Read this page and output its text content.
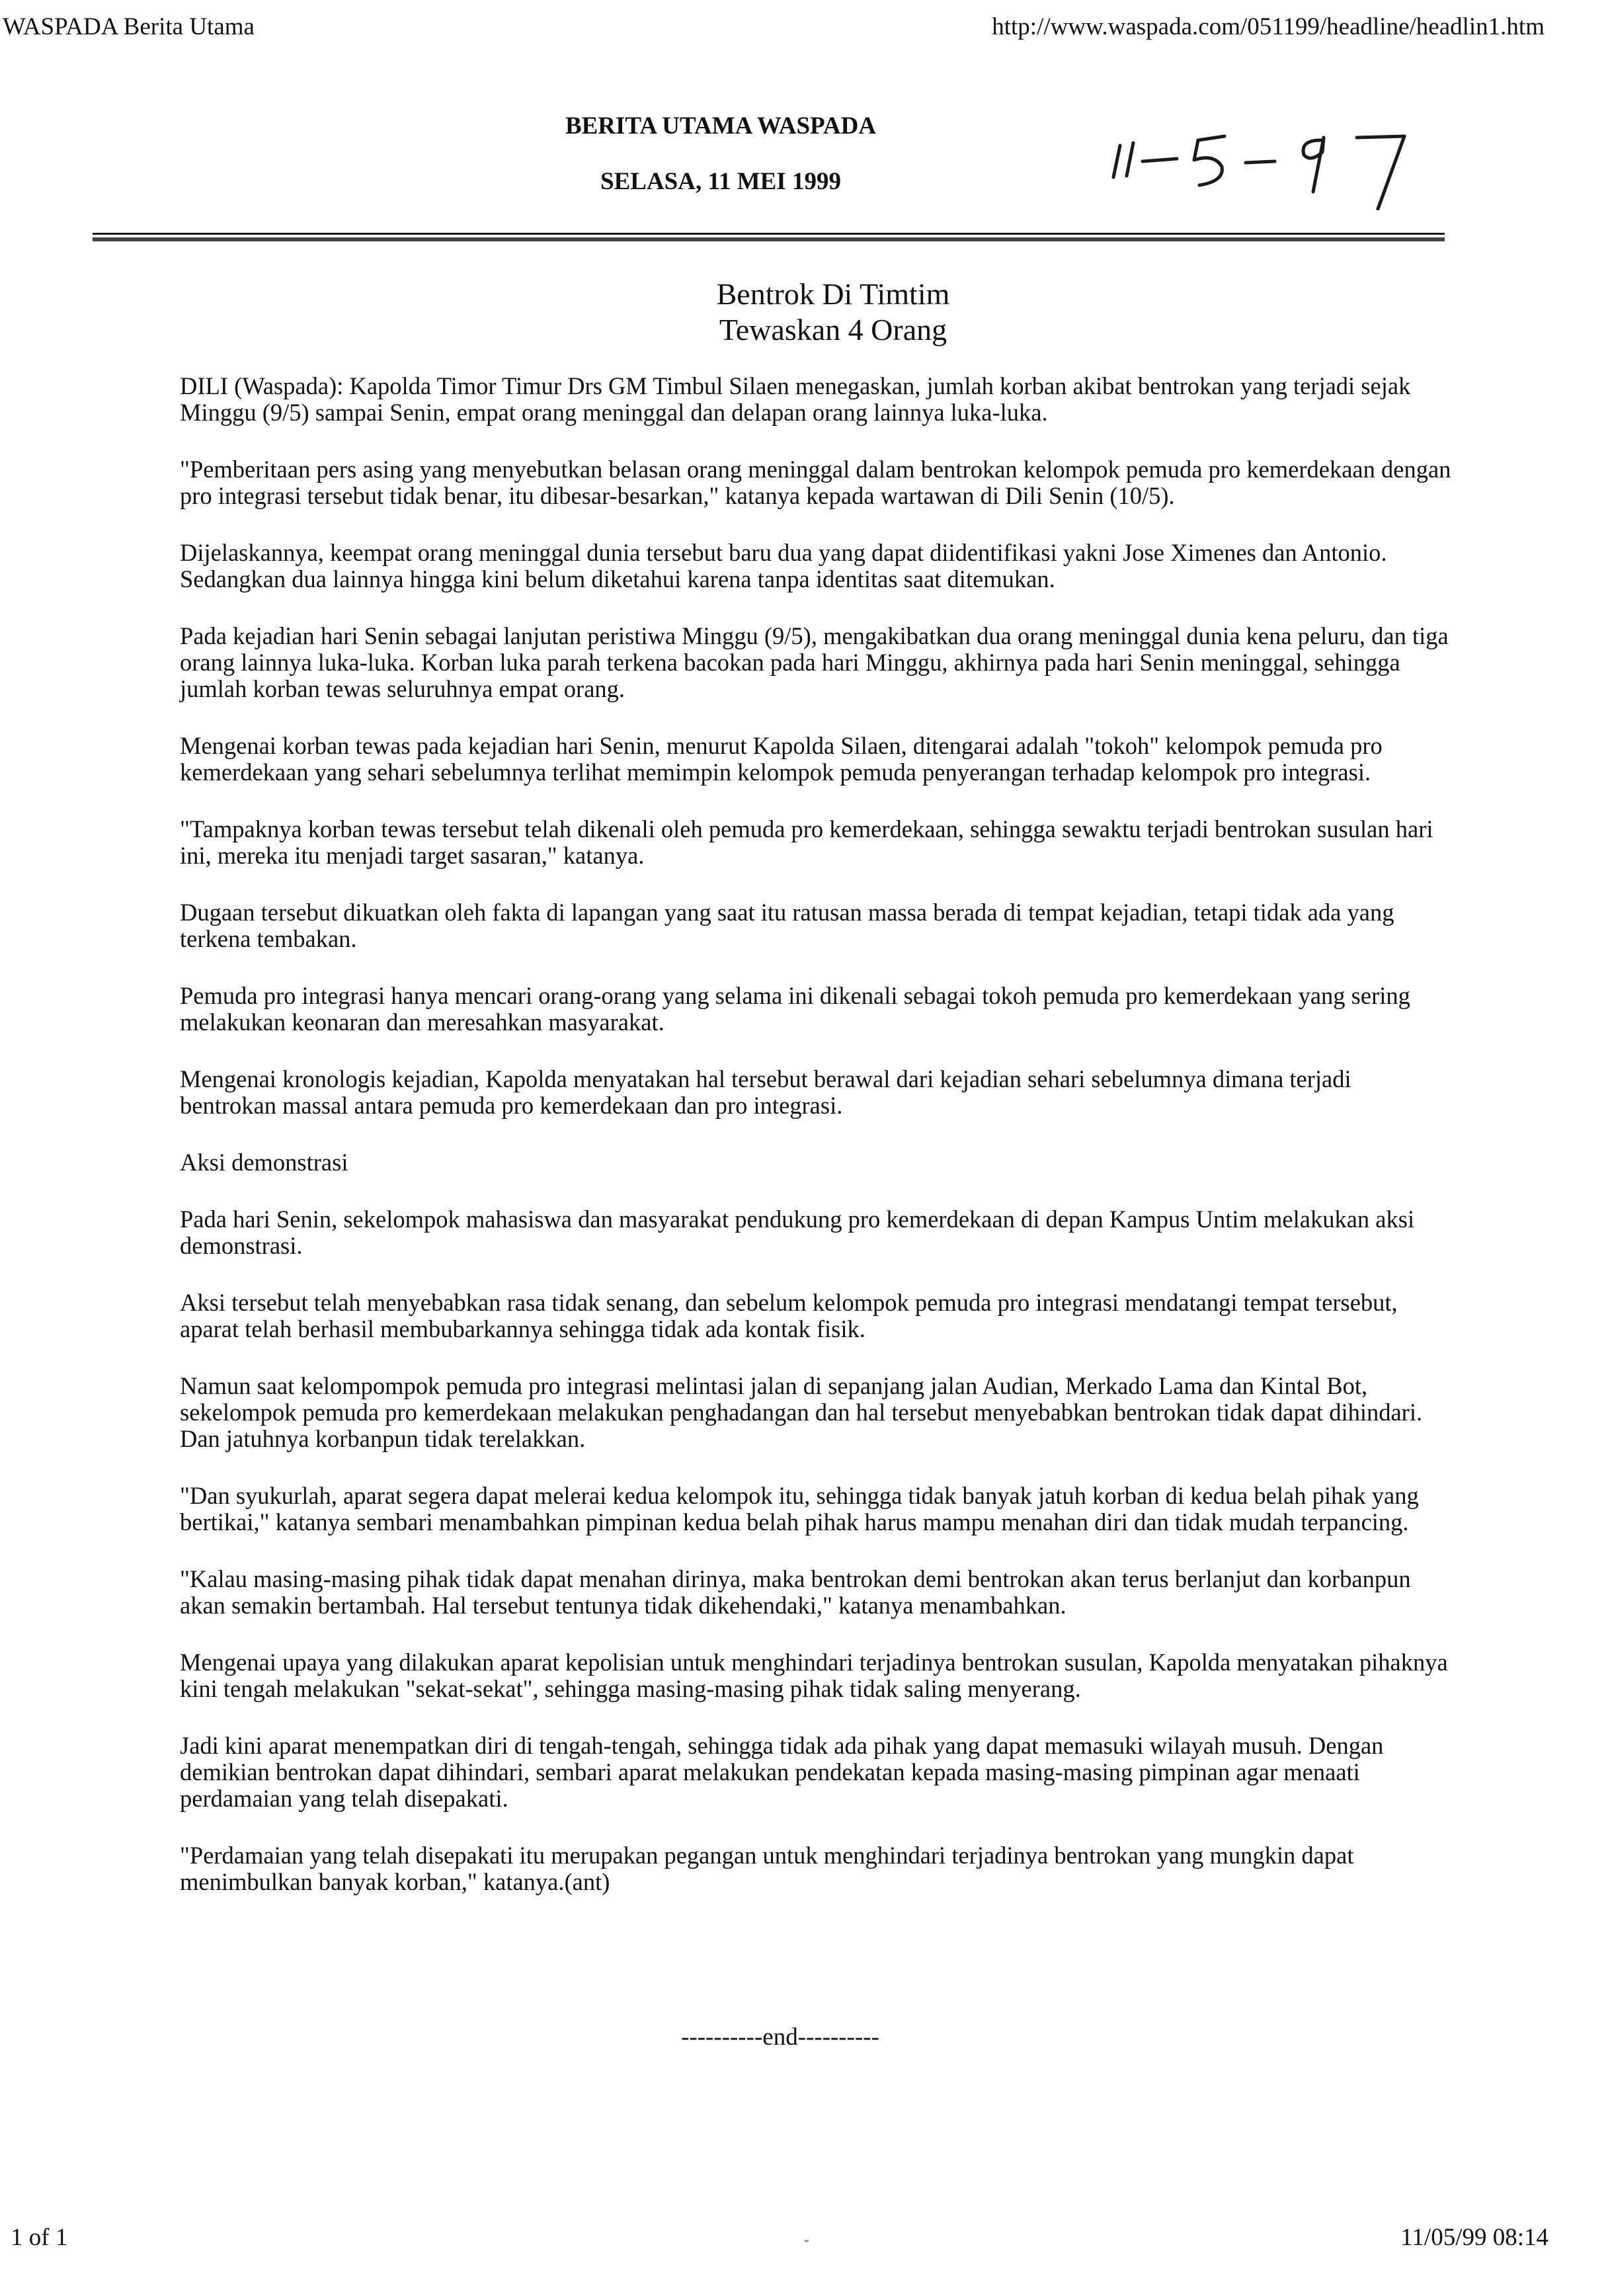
WASPADA Berita Utama	http://www.waspada.com/051199/headline/headlin1.htm
BERITA UTAMA WASPADA
SELASA, 11 MEI 1999
Bentrok Di Timtim
Tewaskan 4 Orang

DILI (Waspada): Kapolda Timor Timur Drs GM Timbul Silaen menegaskan, jumlah korban akibat bentrokan yang terjadi sejak Minggu (9/5) sampai Senin, empat orang meninggal dan delapan orang lainnya luka-luka.

"Pemberitaan pers asing yang menyebutkan belasan orang meninggal dalam bentrokan kelompok pemuda pro kemerdekaan dengan pro integrasi tersebut tidak benar, itu dibesar-besarkan," katanya kepada wartawan di Dili Senin (10/5).

Dijelaskannya, keempat orang meninggal dunia tersebut baru dua yang dapat diidentifikasi yakni Jose Ximenes dan Antonio. Sedangkan dua lainnya hingga kini belum diketahui karena tanpa identitas saat ditemukan.

Pada kejadian hari Senin sebagai lanjutan peristiwa Minggu (9/5), mengakibatkan dua orang meninggal dunia kena peluru, dan tiga orang lainnya luka-luka. Korban luka parah terkena bacokan pada hari Minggu, akhirnya pada hari Senin meninggal, sehingga jumlah korban tewas seluruhnya empat orang.

Mengenai korban tewas pada kejadian hari Senin, menurut Kapolda Silaen, ditengarai adalah "tokoh" kelompok pemuda pro kemerdekaan yang sehari sebelumnya terlihat memimpin kelompok pemuda penyerangan terhadap kelompok pro integrasi.

"Tampaknya korban tewas tersebut telah dikenali oleh pemuda pro kemerdekaan, sehingga sewaktu terjadi bentrokan susulan hari ini, mereka itu menjadi target sasaran," katanya.

Dugaan tersebut dikuatkan oleh fakta di lapangan yang saat itu ratusan massa berada di tempat kejadian, tetapi tidak ada yang terkena tembakan.

Pemuda pro integrasi hanya mencari orang-orang yang selama ini dikenali sebagai tokoh pemuda pro kemerdekaan yang sering melakukan keonaran dan meresahkan masyarakat.

Mengenai kronologis kejadian, Kapolda menyatakan hal tersebut berawal dari kejadian sehari sebelumnya dimana terjadi bentrokan massal antara pemuda pro kemerdekaan dan pro integrasi.

Aksi demonstrasi

Pada hari Senin, sekelompok mahasiswa dan masyarakat pendukung pro kemerdekaan di depan Kampus Untim melakukan aksi demonstrasi.

Aksi tersebut telah menyebabkan rasa tidak senang, dan sebelum kelompok pemuda pro integrasi mendatangi tempat tersebut, aparat telah berhasil membubarkannya sehingga tidak ada kontak fisik.

Namun saat kelompompok pemuda pro integrasi melintasi jalan di sepanjang jalan Audian, Merkado Lama dan Kintal Bot, sekelompok pemuda pro kemerdekaan melakukan penghadangan dan hal tersebut menyebabkan bentrokan tidak dapat dihindari. Dan jatuhnya korbanpun tidak terelakkan.

"Dan syukurlah, aparat segera dapat melerai kedua kelompok itu, sehingga tidak banyak jatuh korban di kedua belah pihak yang bertikai," katanya sembari menambahkan pimpinan kedua belah pihak harus mampu menahan diri dan tidak mudah terpancing.

"Kalau masing-masing pihak tidak dapat menahan dirinya, maka bentrokan demi bentrokan akan terus berlanjut dan korbanpun akan semakin bertambah. Hal tersebut tentunya tidak dikehendaki," katanya menambahkan.

Mengenai upaya yang dilakukan aparat kepolisian untuk menghindari terjadinya bentrokan susulan, Kapolda menyatakan pihaknya kini tengah melakukan "sekat-sekat", sehingga masing-masing pihak tidak saling menyerang.

Jadi kini aparat menempatkan diri di tengah-tengah, sehingga tidak ada pihak yang dapat memasuki wilayah musuh. Dengan demikian bentrokan dapat dihindari, sembari aparat melakukan pendekatan kepada masing-masing pimpinan agar menaati perdamaian yang telah disepakati.

"Perdamaian yang telah disepakati itu merupakan pegangan untuk menghindari terjadinya bentrokan yang mungkin dapat menimbulkan banyak korban," katanya.(ant)

----------end----------
1 of 1	ˇ	11/05/99 08:14
